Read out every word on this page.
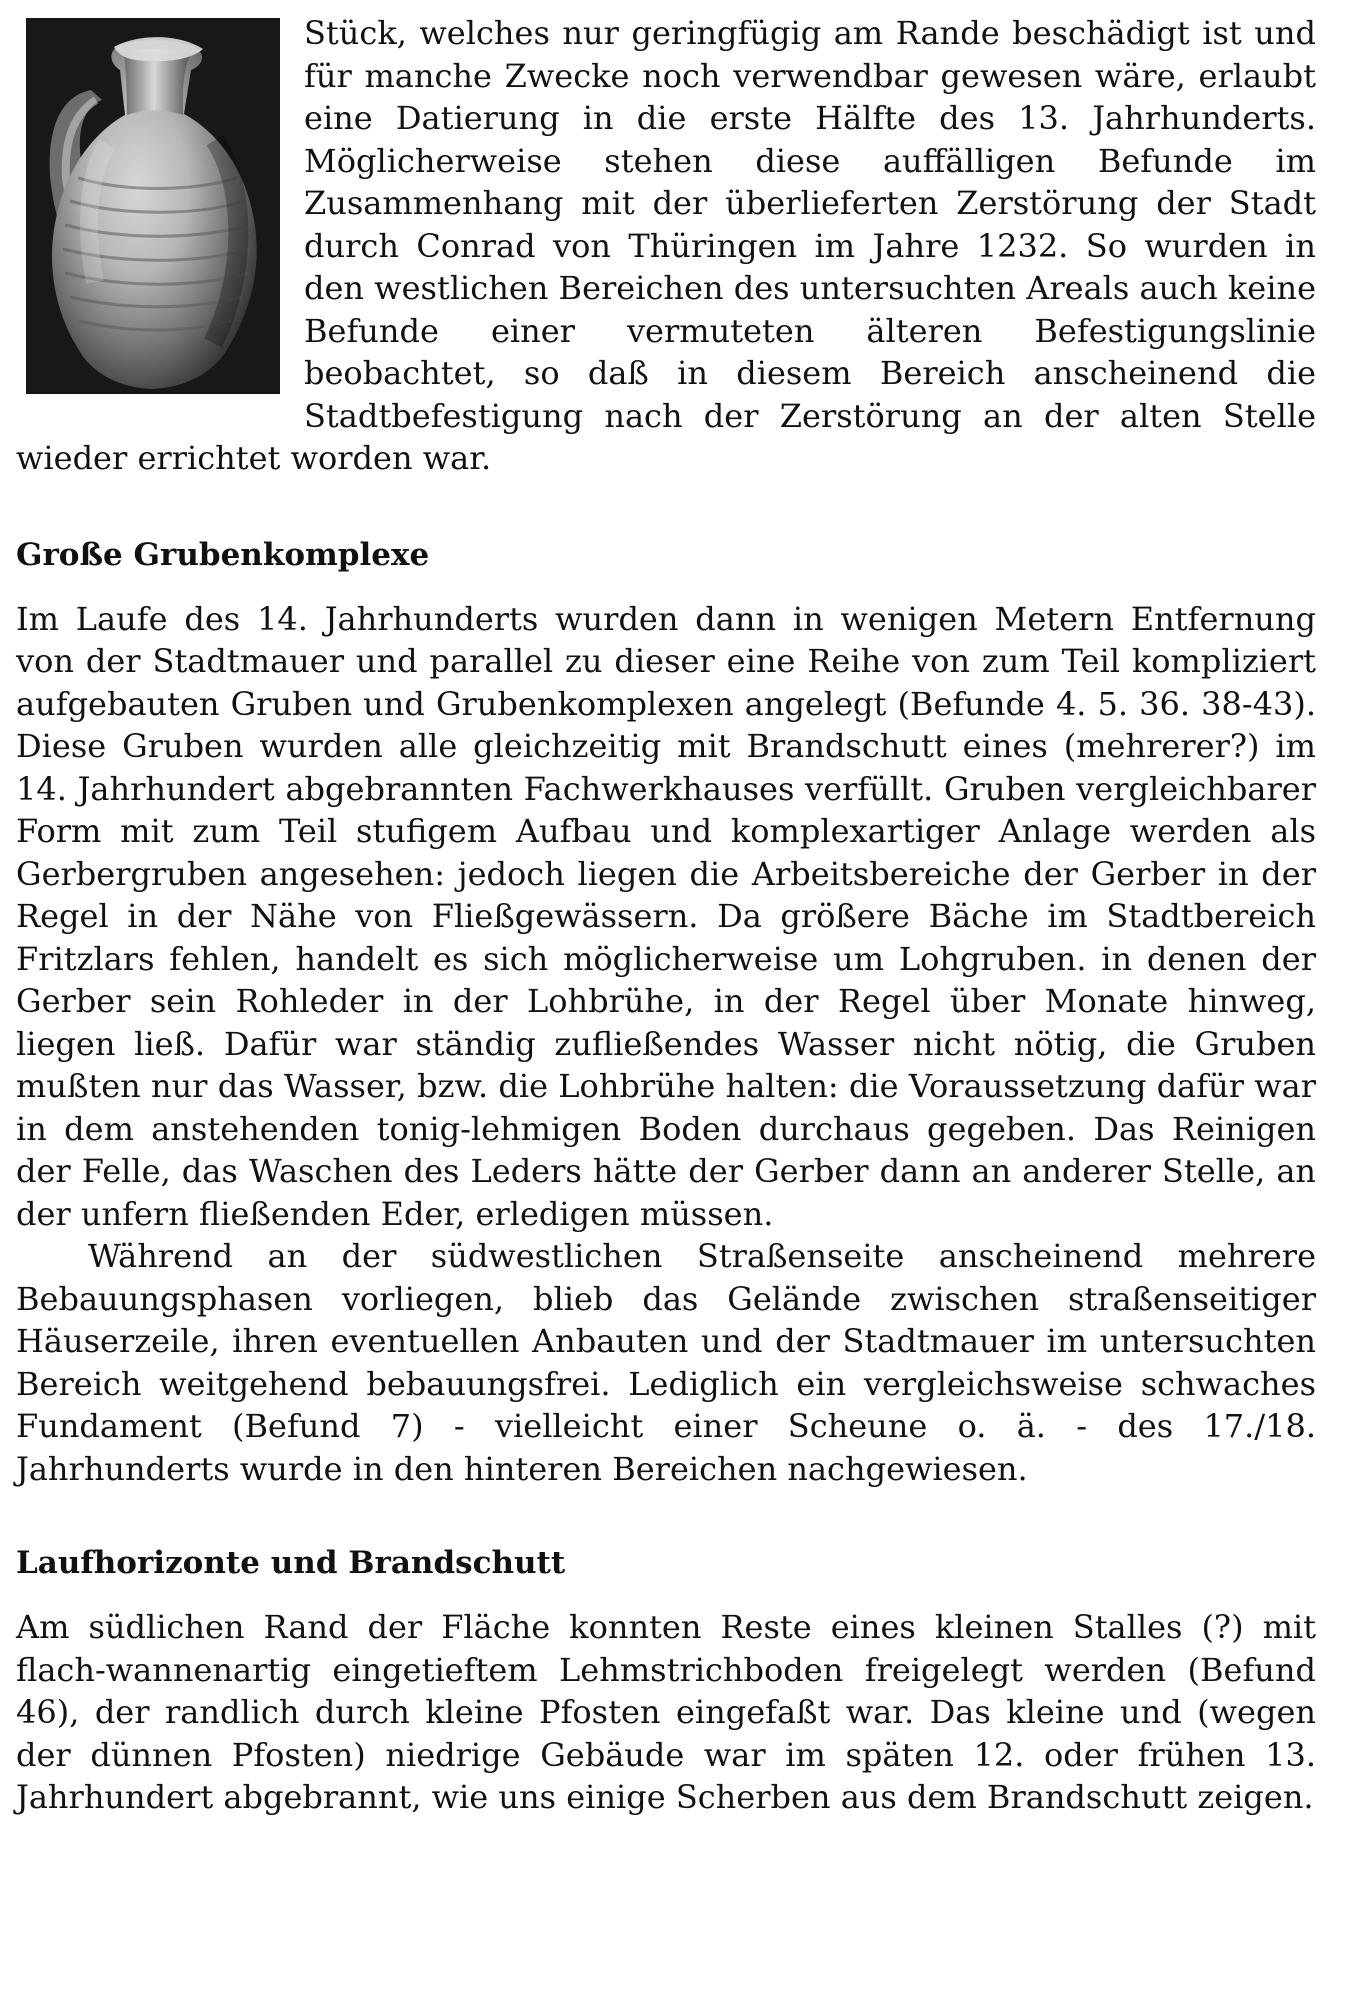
Stück, welches nur geringfügig am Rande beschädigt ist und für manche Zwecke noch verwendbar gewesen wäre, erlaubt eine Datierung in die erste Hälfte des 13. Jahrhunderts. Möglicherweise stehen diese auffälligen Befunde im Zusammenhang mit der überlieferten Zerstörung der Stadt durch Conrad von Thüringen im Jahre 1232. So wurden in den westlichen Bereichen des untersuchten Areals auch keine Befunde einer vermuteten älteren Befestigungslinie beobachtet, so daß in diesem Bereich anscheinend die Stadtbefestigung nach der Zerstörung an der alten Stelle wieder errichtet worden war.

Große Grubenkomplexe

Im Laufe des 14. Jahrhunderts wurden dann in wenigen Metern Entfernung von der Stadtmauer und parallel zu dieser eine Reihe von zum Teil kompliziert aufgebauten Gruben und Grubenkomplexen angelegt (Befunde 4. 5. 36. 38-43). Diese Gruben wurden alle gleichzeitig mit Brandschutt eines (mehrerer?) im 14. Jahrhundert abgebrannten Fachwerkhauses verfüllt. Gruben vergleichbarer Form mit zum Teil stufigem Aufbau und komplexartiger Anlage werden als Gerbergruben angesehen: jedoch liegen die Arbeitsbereiche der Gerber in der Regel in der Nähe von Fließgewässern. Da größere Bäche im Stadtbereich Fritzlars fehlen, handelt es sich möglicherweise um Lohgruben. in denen der Gerber sein Rohleder in der Lohbrühe, in der Regel über Monate hinweg, liegen ließ. Dafür war ständig zufließendes Wasser nicht nötig, die Gruben mußten nur das Wasser, bzw. die Lohbrühe halten: die Voraussetzung dafür war in dem anstehenden tonig-lehmigen Boden durchaus gegeben. Das Reinigen der Felle, das Waschen des Leders hätte der Gerber dann an anderer Stelle, an der unfern fließenden Eder, erledigen müssen.

Während an der südwestlichen Straßenseite anscheinend mehrere Bebauungsphasen vorliegen, blieb das Gelände zwischen straßenseitiger Häuserzeile, ihren eventuellen Anbauten und der Stadtmauer im untersuchten Bereich weitgehend bebauungsfrei. Lediglich ein vergleichsweise schwaches Fundament (Befund 7) - vielleicht einer Scheune o. ä. - des 17./18. Jahrhunderts wurde in den hinteren Bereichen nachgewiesen.

Laufhorizonte und Brandschutt

Am südlichen Rand der Fläche konnten Reste eines kleinen Stalles (?) mit flach-wannenartig eingetieftem Lehmstrichboden freigelegt werden (Befund 46), der randlich durch kleine Pfosten eingefaßt war. Das kleine und (wegen der dünnen Pfosten) niedrige Gebäude war im späten 12. oder frühen 13. Jahrhundert abgebrannt, wie uns einige Scherben aus dem Brandschutt zeigen.
